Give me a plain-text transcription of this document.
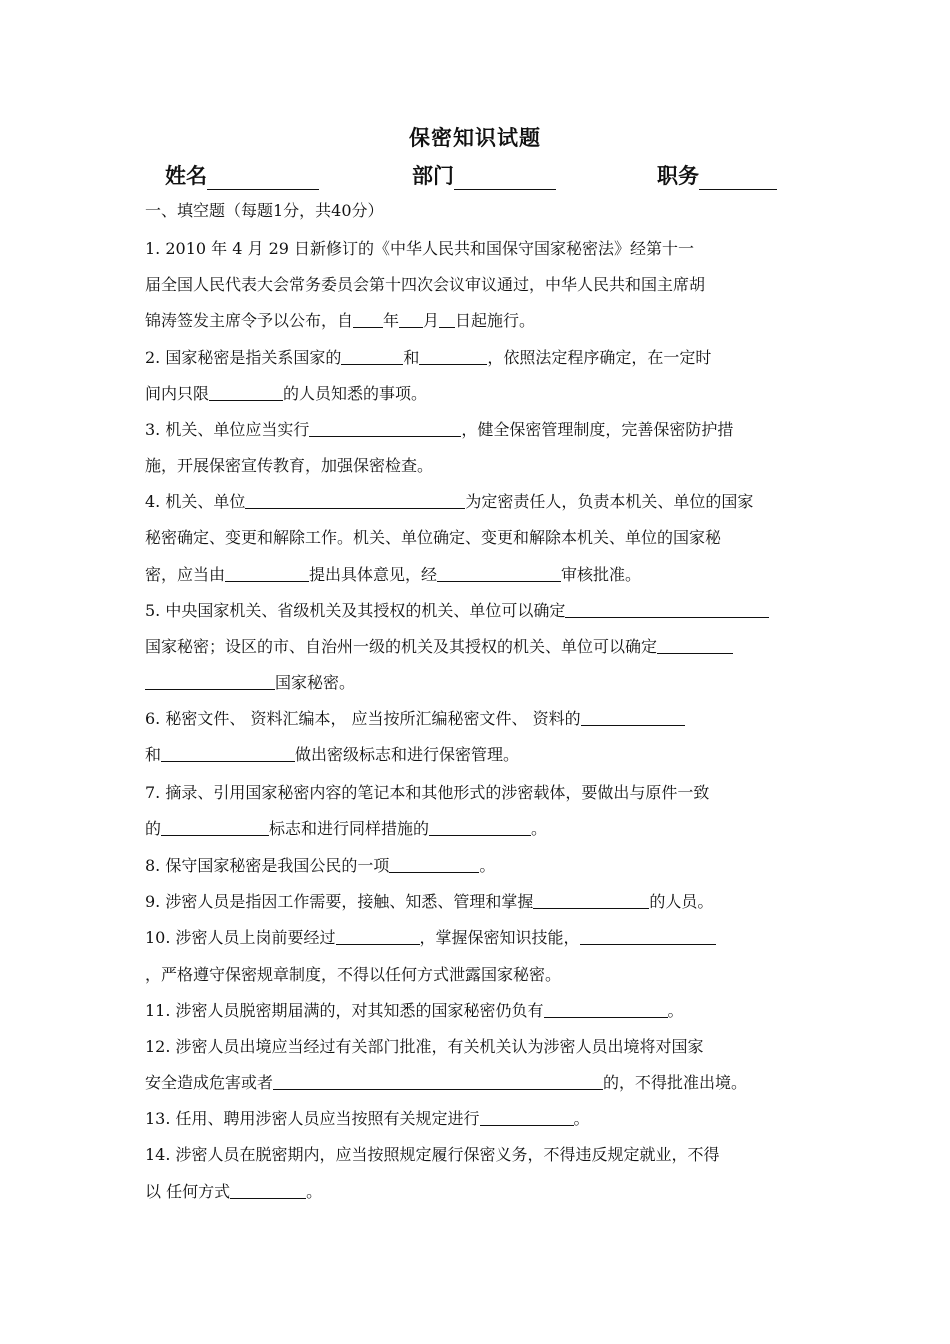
保密知识试题
姓名	部门	职务
一、填空题（每题1分，共40分）
1. 2010 年 4 月 29 日新修订的《中华人民共和国保守国家秘密法》经第十一
届全国人民代表大会常务委员会第十四次会议审议通过，中华人民共和国主席胡
锦涛签发主席令予以公布，自 年 月 日起施行。
2. 国家秘密是指关系国家的	和	，依照法定程序确定，在一定时
间内只限	的人员知悉的事项。
3. 机关、单位应当实行	，健全保密管理制度，完善保密防护措
施，开展保密宣传教育，加强保密检查。
4. 机关、单位	为定密责任人，负责本机关、单位的国家
秘密确定、变更和解除工作。机关、单位确定、变更和解除本机关、单位的国家秘
密，应当由	提出具体意见，经	审核批准。
5. 中央国家机关、省级机关及其授权的机关、单位可以确定
国家秘密；设区的市、自治州一级的机关及其授权的机关、单位可以确定
国家秘密。
6. 秘密文件、 资料汇编本， 应当按所汇编秘密文件、 资料的
和	做出密级标志和进行保密管理。
7. 摘录、引用国家秘密内容的笔记本和其他形式的涉密载体，要做出与原件一致
的	标志和进行同样措施的	。
8. 保守国家秘密是我国公民的一项	。
9. 涉密人员是指因工作需要，接触、知悉、管理和掌握	的人员。
10. 涉密人员上岗前要经过	，掌握保密知识技能，
，严格遵守保密规章制度，不得以任何方式泄露国家秘密。
11. 涉密人员脱密期届满的，对其知悉的国家秘密仍负有	。
12. 涉密人员出境应当经过有关部门批准，有关机关认为涉密人员出境将对国家
安全造成危害或者	的，不得批准出境。
13. 任用、聘用涉密人员应当按照有关规定进行	。
14. 涉密人员在脱密期内，应当按照规定履行保密义务，不得违反规定就业，不得
以 任何方式	。
